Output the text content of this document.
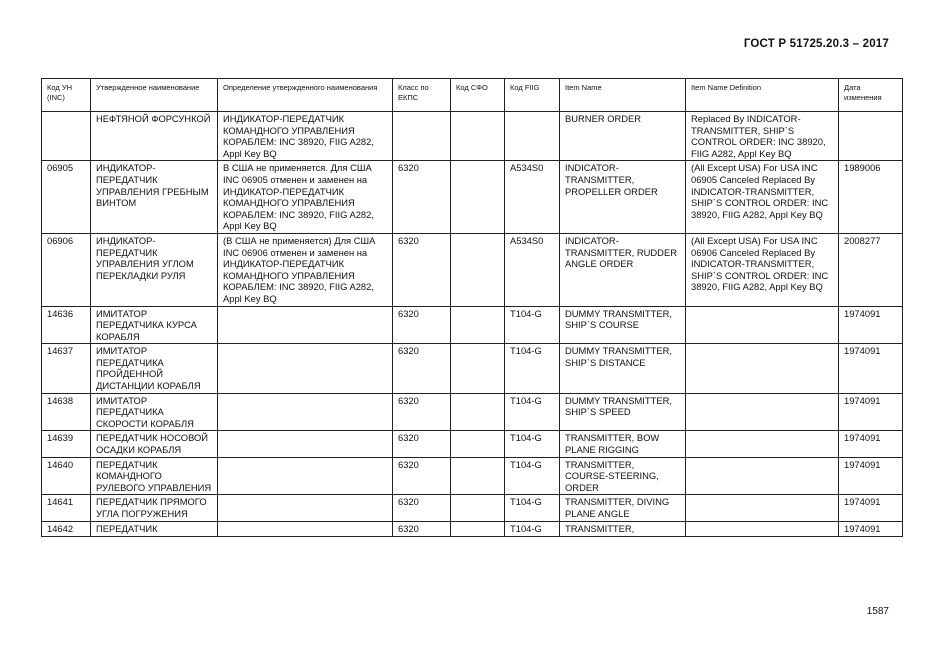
ГОСТ Р 51725.20.3 – 2017
Код УН (INC)	Утвержденное наименование	Определение утвержденного наименования	Класс по ЕКПС	Код СФО	Код FIIG	Item Name	Item Name Definition	Дата изменения
	НЕФТЯНОЙ ФОРСУНКОЙ	ИНДИКАТОР-ПЕРЕДАТЧИК КОМАНДНОГО УПРАВЛЕНИЯ КОРАБЛЕМ: INC 38920, FIIG A282, Appl Key BQ				BURNER ORDER	Replaced By INDICATOR-TRANSMITTER, SHIP`S CONTROL ORDER: INC 38920, FIIG A282, Appl Key BQ	
06905	ИНДИКАТОР-ПЕРЕДАТЧИК УПРАВЛЕНИЯ ГРЕБНЫМ ВИНТОМ	В США не применяется. Для США INC 06905 отменен и заменен на ИНДИКАТОР-ПЕРЕДАТЧИК КОМАНДНОГО УПРАВЛЕНИЯ КОРАБЛЕМ: INC 38920, FIIG A282, Appl Key BQ	6320		A534S0	INDICATOR-TRANSMITTER, PROPELLER ORDER	(All Except USA) For USA INC 06905 Canceled Replaced By INDICATOR-TRANSMITTER, SHIP`S CONTROL ORDER: INC 38920, FIIG A282, Appl Key BQ	1989006
06906	ИНДИКАТОР-ПЕРЕДАТЧИК УПРАВЛЕНИЯ УГЛОМ ПЕРЕКЛАДКИ РУЛЯ	(В США не применяется) Для США INC 06906 отменен и заменен на ИНДИКАТОР-ПЕРЕДАТЧИК КОМАНДНОГО УПРАВЛЕНИЯ КОРАБЛЕМ: INC 38920, FIIG A282, Appl Key BQ	6320		A534S0	INDICATOR-TRANSMITTER, RUDDER ANGLE ORDER	(All Except USA) For USA INC 06906 Canceled Replaced By INDICATOR-TRANSMITTER, SHIP`S CONTROL ORDER: INC 38920, FIIG A282, Appl Key BQ	2008277
14636	ИМИТАТОР ПЕРЕДАТЧИКА КУРСА КОРАБЛЯ		6320		T104-G	DUMMY TRANSMITTER, SHIP`S COURSE		1974091
14637	ИМИТАТОР ПЕРЕДАТЧИКА ПРОЙДЕННОЙ ДИСТАНЦИИ КОРАБЛЯ		6320		T104-G	DUMMY TRANSMITTER, SHIP`S DISTANCE		1974091
14638	ИМИТАТОР ПЕРЕДАТЧИКА СКОРОСТИ КОРАБЛЯ		6320		T104-G	DUMMY TRANSMITTER, SHIP`S SPEED		1974091
14639	ПЕРЕДАТЧИК НОСОВОЙ ОСАДКИ КОРАБЛЯ		6320		T104-G	TRANSMITTER, BOW PLANE RIGGING		1974091
14640	ПЕРЕДАТЧИК КОМАНДНОГО РУЛЕВОГО УПРАВЛЕНИЯ		6320		T104-G	TRANSMITTER, COURSE-STEERING, ORDER		1974091
14641	ПЕРЕДАТЧИК ПРЯМОГО УГЛА ПОГРУЖЕНИЯ		6320		T104-G	TRANSMITTER, DIVING PLANE ANGLE		1974091
14642	ПЕРЕДАТЧИК		6320		T104-G	TRANSMITTER,		1974091
1587
